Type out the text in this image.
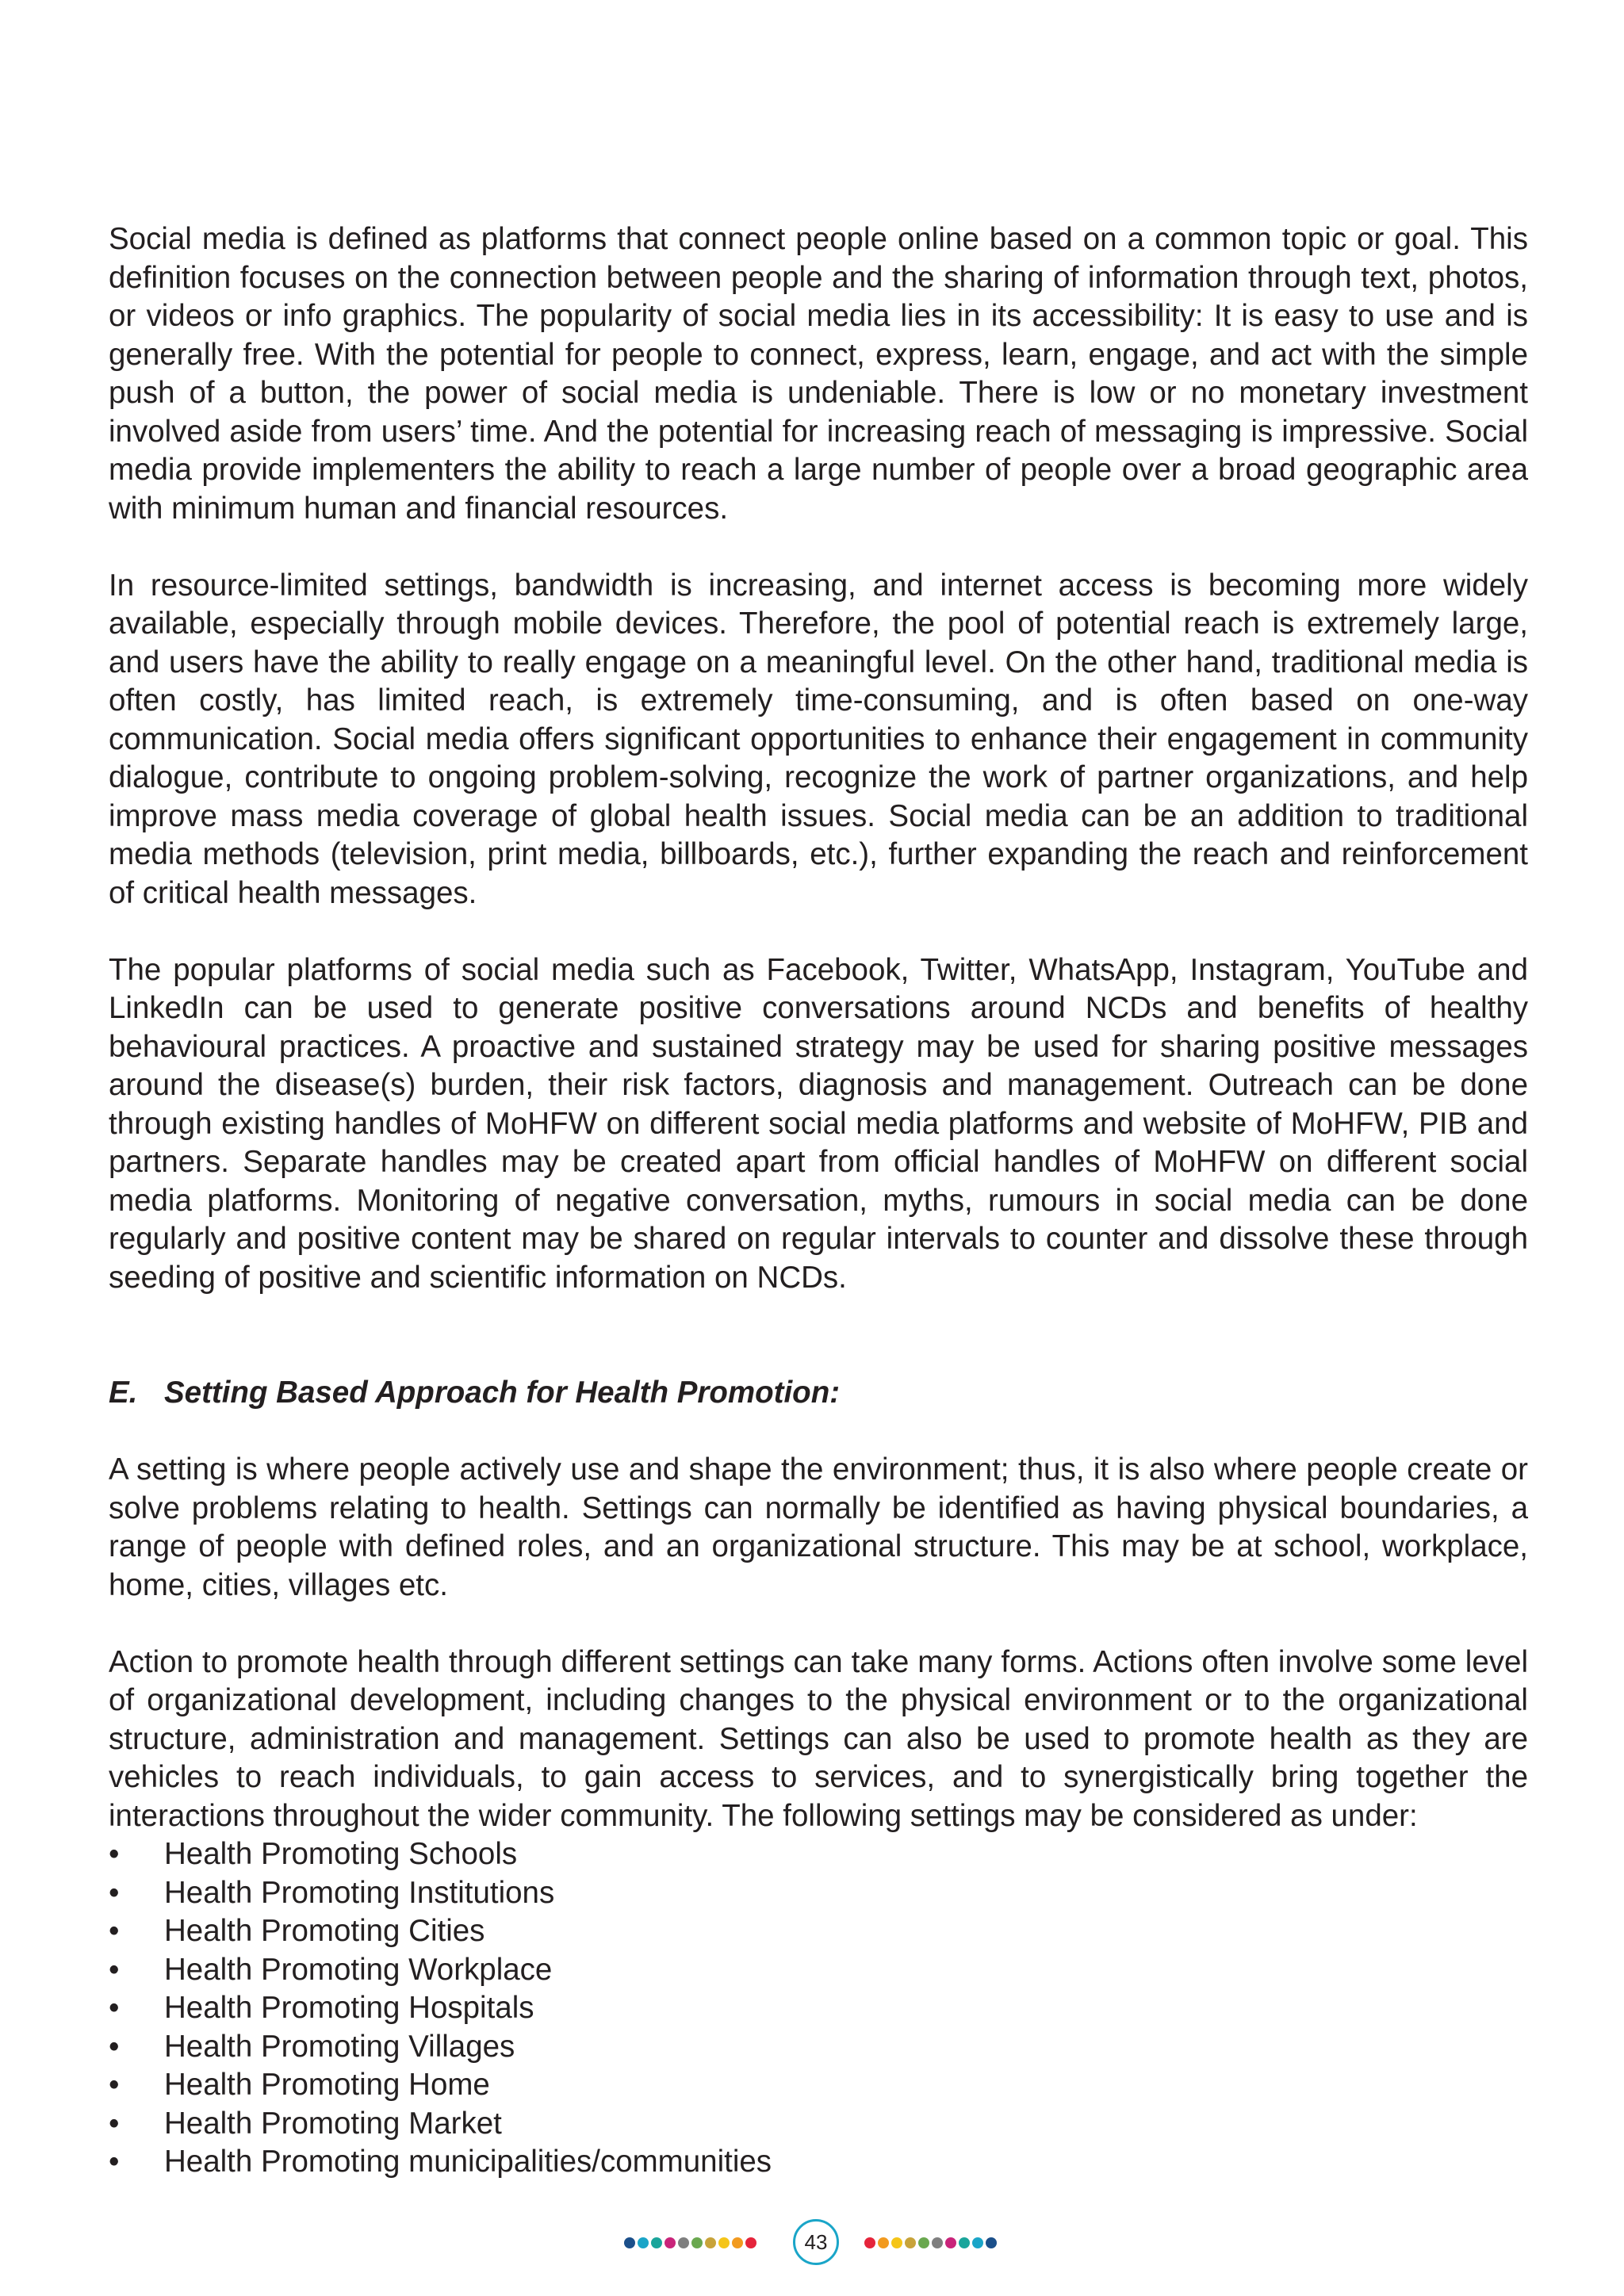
Social media is defined as platforms that connect people online based on a common topic or goal. This definition focuses on the connection between people and the sharing of information through text, photos, or videos or info graphics. The popularity of social media lies in its accessibility: It is easy to use and is generally free. With the potential for people to connect, express, learn, engage, and act with the simple push of a button, the power of social media is undeniable. There is low or no monetary investment involved aside from users’ time. And the potential for increasing reach of messaging is impressive. Social media provide implementers the ability to reach a large number of people over a broad geographic area with minimum human and financial resources.

In resource-limited settings, bandwidth is increasing, and internet access is becoming more widely available, especially through mobile devices. Therefore, the pool of potential reach is extremely large, and users have the ability to really engage on a meaningful level. On the other hand, traditional media is often costly, has limited reach, is extremely time-consuming, and is often based on one-way communication. Social media offers significant opportunities to enhance their engagement in community dialogue, contribute to ongoing problem-solving, recognize the work of partner organizations, and help improve mass media coverage of global health issues. Social media can be an addition to traditional media methods (television, print media, billboards, etc.), further expanding the reach and reinforcement of critical health messages.

The popular platforms of social media such as Facebook, Twitter, WhatsApp, Instagram, YouTube and LinkedIn can be used to generate positive conversations around NCDs and benefits of healthy behavioural practices. A proactive and sustained strategy may be used for sharing positive messages around the disease(s) burden, their risk factors, diagnosis and management. Outreach can be done through existing handles of MoHFW on different social media platforms and website of MoHFW, PIB and partners. Separate handles may be created apart from official handles of MoHFW on different social media platforms. Monitoring of negative conversation, myths, rumours in social media can be done regularly and positive content may be shared on regular intervals to counter and dissolve these through seeding of positive and scientific information on NCDs.

E. Setting Based Approach for Health Promotion:

A setting is where people actively use and shape the environment; thus, it is also where people create or solve problems relating to health. Settings can normally be identified as having physical boundaries, a range of people with defined roles, and an organizational structure. This may be at school, workplace, home, cities, villages etc.

Action to promote health through different settings can take many forms. Actions often involve some level of organizational development, including changes to the physical environment or to the organizational structure, administration and management. Settings can also be used to promote health as they are vehicles to reach individuals, to gain access to services, and to synergistically bring together the interactions throughout the wider community. The following settings may be considered as under:

• Health Promoting Schools
• Health Promoting Institutions
• Health Promoting Cities
• Health Promoting Workplace
• Health Promoting Hospitals
• Health Promoting Villages
• Health Promoting Home
• Health Promoting Market
• Health Promoting municipalities/communities
43
